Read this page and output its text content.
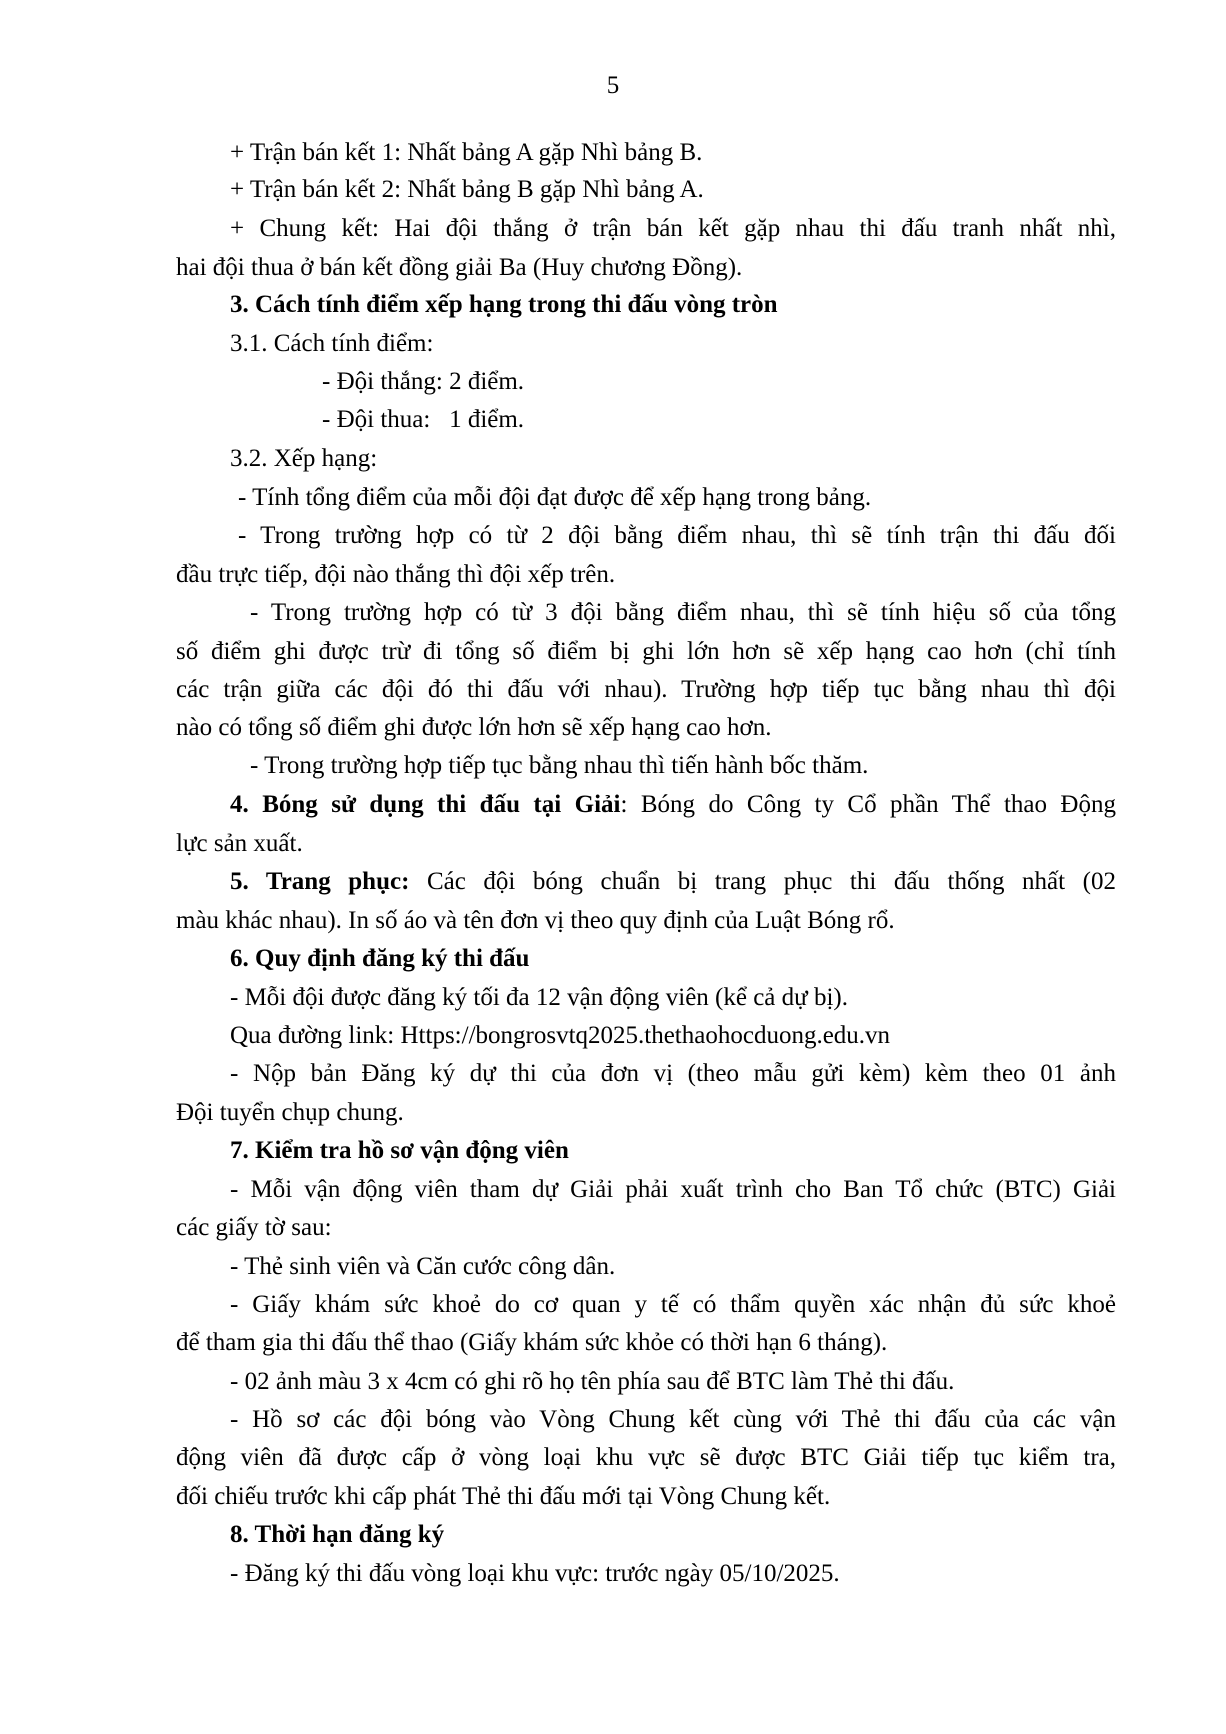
5
+ Trận bán kết 1: Nhất bảng A gặp Nhì bảng B.
+ Trận bán kết 2: Nhất bảng B gặp Nhì bảng A.
+ Chung kết: Hai đội thắng ở trận bán kết gặp nhau thi đấu tranh nhất nhì,
hai đội thua ở bán kết đồng giải Ba (Huy chương Đồng).
3. Cách tính điểm xếp hạng trong thi đấu vòng tròn
3.1. Cách tính điểm:
- Đội thắng: 2 điểm.
- Đội thua:   1 điểm.
3.2. Xếp hạng:
- Tính tổng điểm của mỗi đội đạt được để xếp hạng trong bảng.
- Trong trường hợp có từ 2 đội bằng điểm nhau, thì sẽ tính trận thi đấu đối
đầu trực tiếp, đội nào thắng thì đội xếp trên.
- Trong trường hợp có từ 3 đội bằng điểm nhau, thì sẽ tính hiệu số của tổng
số điểm ghi được trừ đi tổng số điểm bị ghi lớn hơn sẽ xếp hạng cao hơn (chỉ tính
các trận giữa các đội đó thi đấu với nhau). Trường hợp tiếp tục bằng nhau thì đội
nào có tổng số điểm ghi được lớn hơn sẽ xếp hạng cao hơn.
- Trong trường hợp tiếp tục bằng nhau thì tiến hành bốc thăm.
4. Bóng sử dụng thi đấu tại Giải: Bóng do Công ty Cổ phần Thể thao Động
lực sản xuất.
5. Trang phục: Các đội bóng chuẩn bị trang phục thi đấu thống nhất (02
màu khác nhau). In số áo và tên đơn vị theo quy định của Luật Bóng rổ.
6. Quy định đăng ký thi đấu
- Mỗi đội được đăng ký tối đa 12 vận động viên (kể cả dự bị).
Qua đường link: Https://bongrosvtq2025.thethaohocduong.edu.vn
- Nộp bản Đăng ký dự thi của đơn vị (theo mẫu gửi kèm) kèm theo 01 ảnh
Đội tuyển chụp chung.
7. Kiểm tra hồ sơ vận động viên
- Mỗi vận động viên tham dự Giải phải xuất trình cho Ban Tổ chức (BTC) Giải
các giấy tờ sau:
- Thẻ sinh viên và Căn cước công dân.
- Giấy khám sức khoẻ do cơ quan y tế có thẩm quyền xác nhận đủ sức khoẻ
để tham gia thi đấu thể thao (Giấy khám sức khỏe có thời hạn 6 tháng).
- 02 ảnh màu 3 x 4cm có ghi rõ họ tên phía sau để BTC làm Thẻ thi đấu.
- Hồ sơ các đội bóng vào Vòng Chung kết cùng với Thẻ thi đấu của các vận
động viên đã được cấp ở vòng loại khu vực sẽ được BTC Giải tiếp tục kiểm tra,
đối chiếu trước khi cấp phát Thẻ thi đấu mới tại Vòng Chung kết.
8. Thời hạn đăng ký
- Đăng ký thi đấu vòng loại khu vực: trước ngày 05/10/2025.
